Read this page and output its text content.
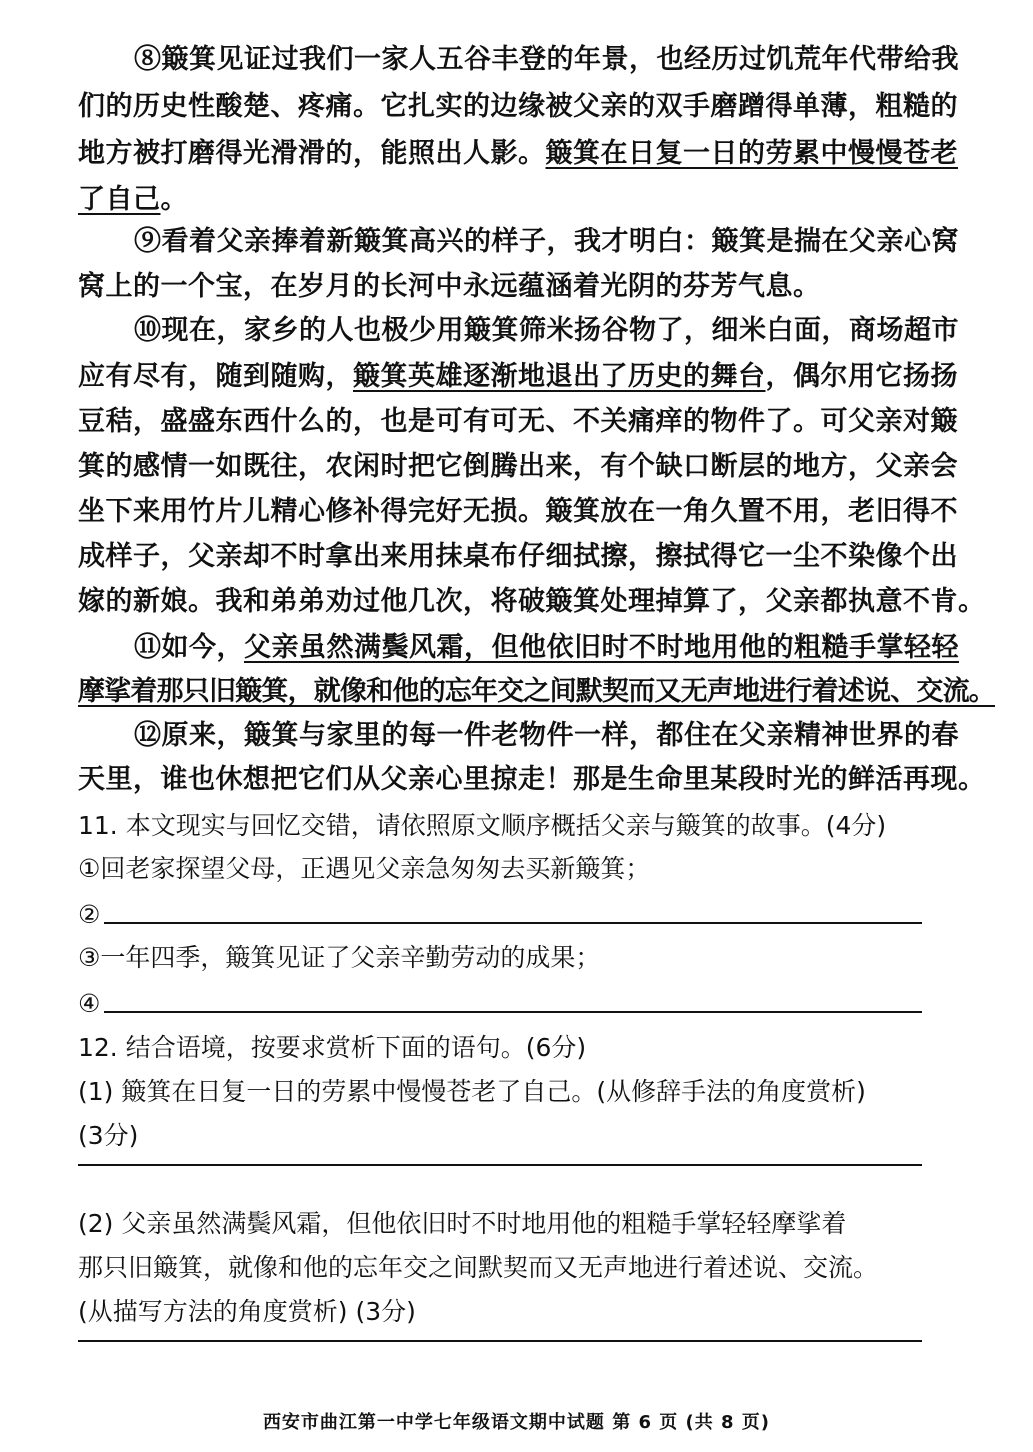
⑧簸箕见证过我们一家人五谷丰登的年景，也经历过饥荒年代带给我
们的历史性酸楚、疼痛。它扎实的边缘被父亲的双手磨蹭得单薄，粗糙的
地方被打磨得光滑滑的，能照出人影。簸箕在日复一日的劳累中慢慢苍老
了自己。
⑨看着父亲捧着新簸箕高兴的样子，我才明白：簸箕是揣在父亲心窝
窝上的一个宝，在岁月的长河中永远蕴涵着光阴的芬芳气息。
⑩现在，家乡的人也极少用簸箕筛米扬谷物了，细米白面，商场超市
应有尽有，随到随购，簸箕英雄逐渐地退出了历史的舞台，偶尔用它扬扬
豆秸，盛盛东西什么的，也是可有可无、不关痛痒的物件了。可父亲对簸
箕的感情一如既往，农闲时把它倒腾出来，有个缺口断层的地方，父亲会
坐下来用竹片儿精心修补得完好无损。簸箕放在一角久置不用，老旧得不
成样子，父亲却不时拿出来用抹桌布仔细拭擦，擦拭得它一尘不染像个出
嫁的新娘。我和弟弟劝过他几次，将破簸箕处理掉算了，父亲都执意不肯。
⑪如今，父亲虽然满鬓风霜，但他依旧时不时地用他的粗糙手掌轻轻
摩挲着那只旧簸箕，就像和他的忘年交之间默契而又无声地进行着述说、交流。
⑫原来，簸箕与家里的每一件老物件一样，都住在父亲精神世界的春
天里，谁也休想把它们从父亲心里掠走！那是生命里某段时光的鲜活再现。
11. 本文现实与回忆交错，请依照原文顺序概括父亲与簸箕的故事。(4分)
①回老家探望父母，正遇见父亲急匆匆去买新簸箕；
②
③一年四季，簸箕见证了父亲辛勤劳动的成果；
④
12. 结合语境，按要求赏析下面的语句。(6分)
(1) 簸箕在日复一日的劳累中慢慢苍老了自己。(从修辞手法的角度赏析)
(3分)
(2) 父亲虽然满鬓风霜，但他依旧时不时地用他的粗糙手掌轻轻摩挲着
那只旧簸箕，就像和他的忘年交之间默契而又无声地进行着述说、交流。
(从描写方法的角度赏析) (3分)
西安市曲江第一中学七年级语文期中试题 第 6 页 (共 8 页)
